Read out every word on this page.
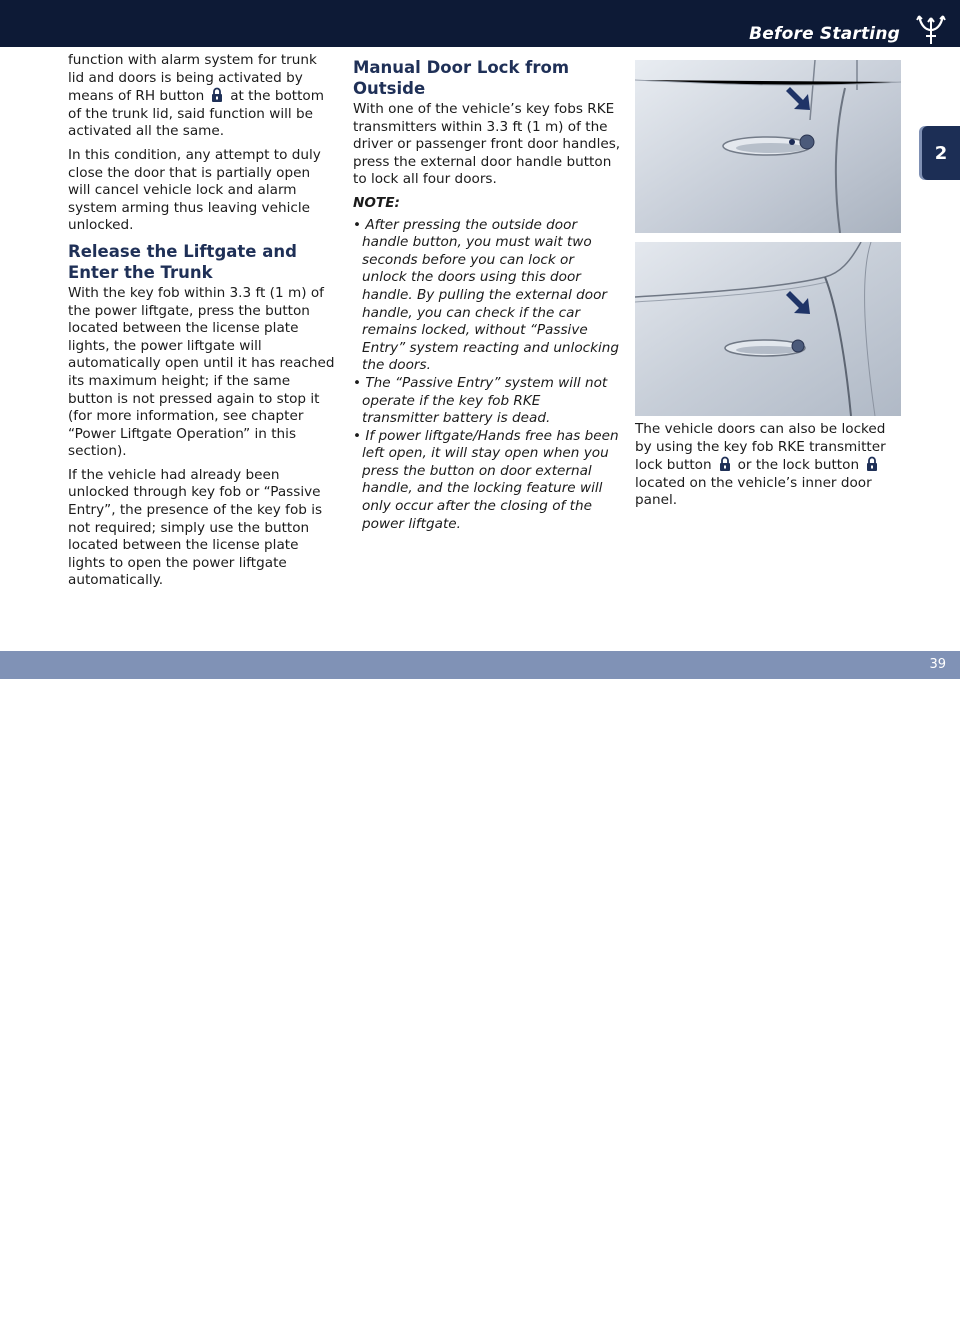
Before Starting
2

function with alarm system for trunk lid and doors is being activated by means of RH button at the bottom of the trunk lid, said function will be activated all the same.

In this condition, any attempt to duly close the door that is partially open will cancel vehicle lock and alarm system arming thus leaving vehicle unlocked.

Release the Liftgate and Enter the Trunk

With the key fob within 3.3 ft (1 m) of the power liftgate, press the button located between the license plate lights, the power liftgate will automatically open until it has reached its maximum height; if the same button is not pressed again to stop it (for more information, see chapter “Power Liftgate Operation” in this section).

If the vehicle had already been unlocked through key fob or “Passive Entry”, the presence of the key fob is not required; simply use the button located between the license plate lights to open the power liftgate automatically.

Manual Door Lock from Outside

With one of the vehicle’s key fobs RKE transmitters within 3.3 ft (1 m) of the driver or passenger front door handles, press the external door handle button to lock all four doors.

NOTE:

• After pressing the outside door handle button, you must wait two seconds before you can lock or unlock the doors using this door handle. By pulling the external door handle, you can check if the car remains locked, without “Passive Entry” system reacting and unlocking the doors.
• The “Passive Entry” system will not operate if the key fob RKE transmitter battery is dead.
• If power liftgate/Hands free has been left open, it will stay open when you press the button on door external handle, and the locking feature will only occur after the closing of the power liftgate.

The vehicle doors can also be locked by using the key fob RKE transmitter lock button or the lock buttonlocated on the vehicle’s inner door panel.

carmanualsonline.info
39
